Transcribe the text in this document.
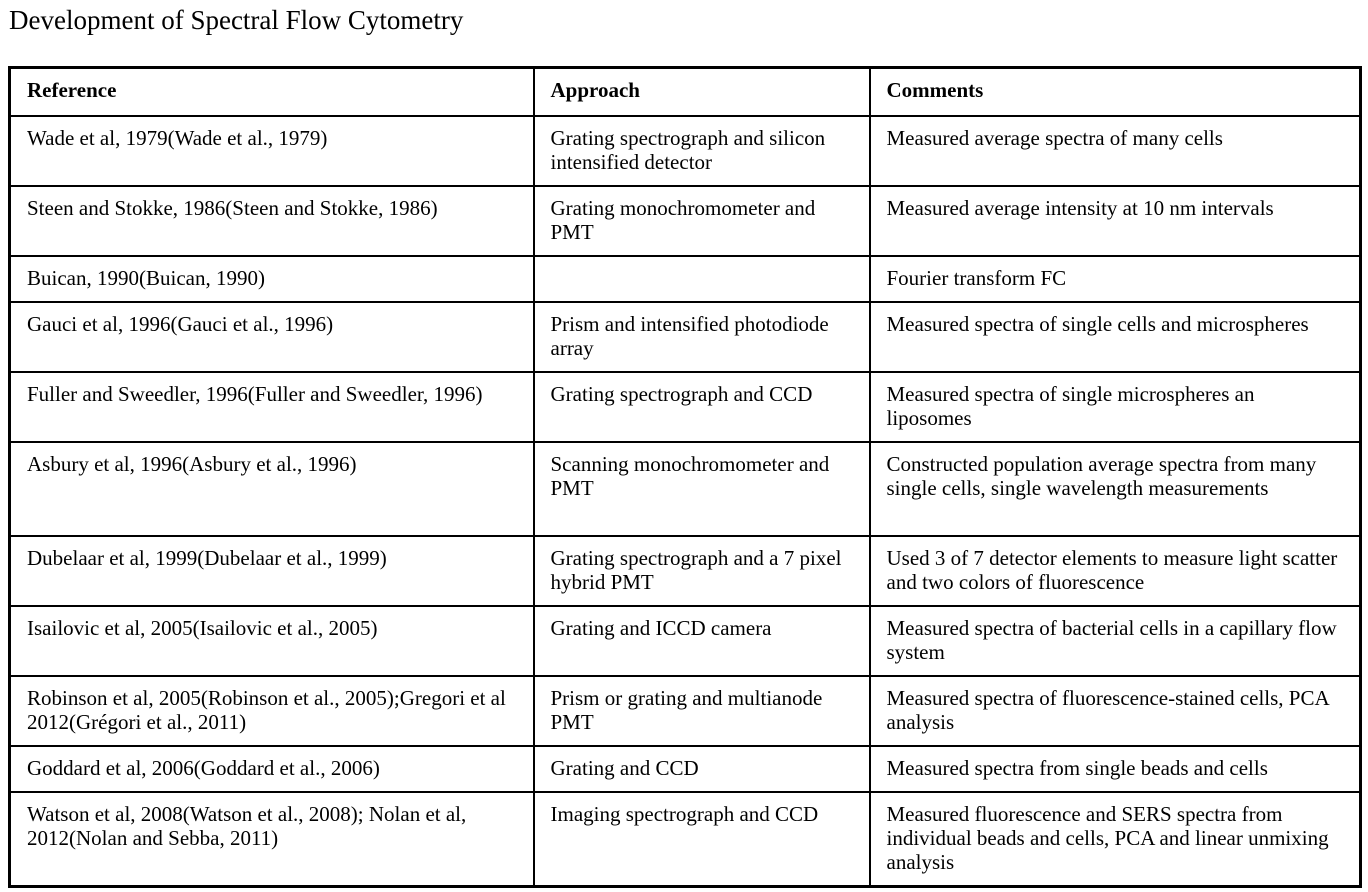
Development of Spectral Flow Cytometry
Reference	Approach	Comments
Wade et al, 1979(Wade et al., 1979)	Grating spectrograph and silicon intensified detector	Measured average spectra of many cells
Steen and Stokke, 1986(Steen and Stokke, 1986)	Grating monochromometer and PMT	Measured average intensity at 10 nm intervals
Buican, 1990(Buican, 1990)		Fourier transform FC
Gauci et al, 1996(Gauci et al., 1996)	Prism and intensified photodiode array	Measured spectra of single cells and microspheres
Fuller and Sweedler, 1996(Fuller and Sweedler, 1996)	Grating spectrograph and CCD	Measured spectra of single microspheres an liposomes
Asbury et al, 1996(Asbury et al., 1996)	Scanning monochromometer and PMT	Constructed population average spectra from many single cells, single wavelength measurements
Dubelaar et al, 1999(Dubelaar et al., 1999)	Grating spectrograph and a 7 pixel hybrid PMT	Used 3 of 7 detector elements to measure light scatter and two colors of fluorescence
Isailovic et al, 2005(Isailovic et al., 2005)	Grating and ICCD camera	Measured spectra of bacterial cells in a capillary flow system
Robinson et al, 2005(Robinson et al., 2005);Gregori et al 2012(Grégori et al., 2011)	Prism or grating and multianode PMT	Measured spectra of fluorescence-stained cells, PCA analysis
Goddard et al, 2006(Goddard et al., 2006)	Grating and CCD	Measured spectra from single beads and cells
Watson et al, 2008(Watson et al., 2008); Nolan et al, 2012(Nolan and Sebba, 2011)	Imaging spectrograph and CCD	Measured fluorescence and SERS spectra from individual beads and cells, PCA and linear unmixing analysis
